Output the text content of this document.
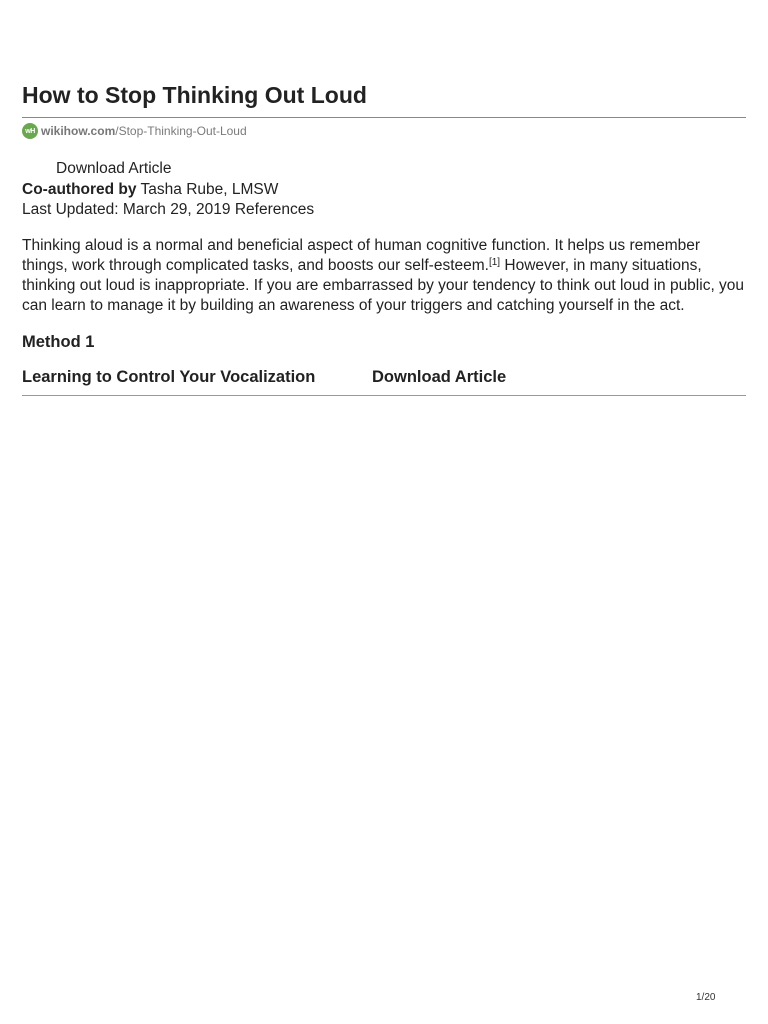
How to Stop Thinking Out Loud
wH wikihow.com /Stop-Thinking-Out-Loud
Download Article
Co-authored by Tasha Rube, LMSW
Last Updated: March 29, 2019 References

Thinking aloud is a normal and beneficial aspect of human cognitive function. It helps us remember things, work through complicated tasks, and boosts our self-esteem.[1] However, in many situations, thinking out loud is inappropriate. If you are embarrassed by your tendency to think out loud in public, you can learn to manage it by building an awareness of your triggers and catching yourself in the act.

Method 1
Learning to Control Your Vocalization	Download Article
1/20
